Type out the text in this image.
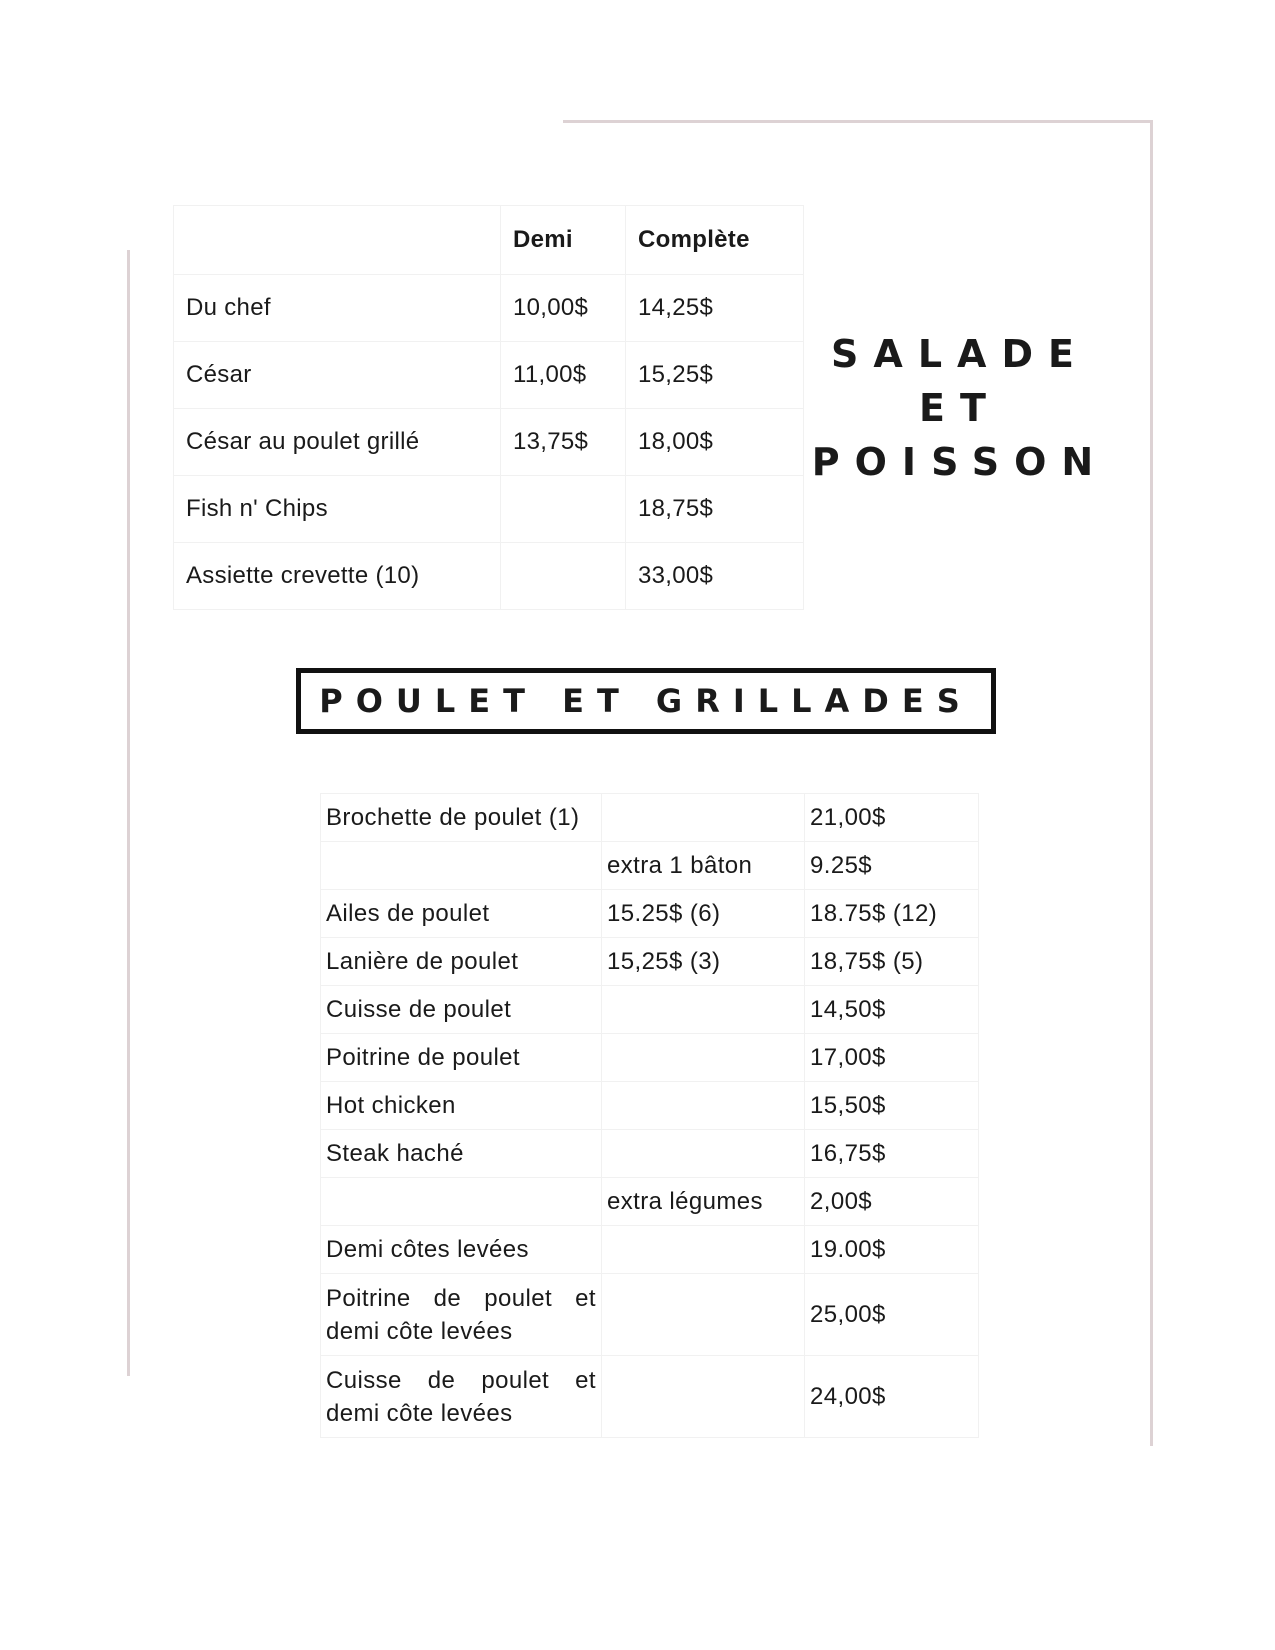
	Demi	Complète
Du chef	10,00$	14,25$
César	11,00$	15,25$
César au poulet grillé	13,75$	18,00$
Fish n' Chips		18,75$
Assiette crevette (10)		33,00$
SALADE
ET
POISSON
POULET ET GRILLADES
Brochette de poulet (1)		21,00$
	extra 1 bâton	9.25$
Ailes de poulet	15.25$ (6)	18.75$ (12)
Lanière de poulet	15,25$ (3)	18,75$ (5)
Cuisse de poulet		14,50$
Poitrine de poulet		17,00$
Hot chicken		15,50$
Steak haché		16,75$
	extra légumes	2,00$
Demi côtes levées		19.00$
Poitrine de poulet et demi côte levées		25,00$
Cuisse de poulet et demi côte levées		24,00$
